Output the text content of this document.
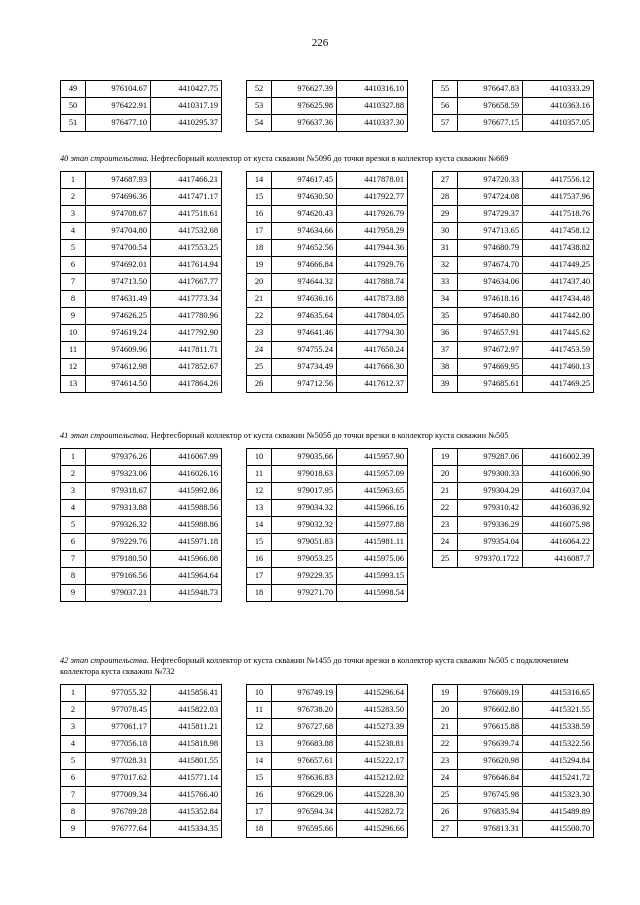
226
49	976104.67	4410427.75
50	976422.91	4410317.19
51	976477.10	4410295.37
52	976627.39	4410316.10
53	976625.98	4410327.88
54	976637.36	4410337.30
55	976647.83	4410333.29
56	976658.59	4410363.16
57	976677.15	4410357.05

40 этап строительства. Нефтесборный коллектор от куста скважин №509б до точки врезки в коллектор куста скважин №669

1	974687.93	4417466.21
2	974696.36	4417471.17
3	974708.67	4417518.61
4	974704.80	4417532.68
5	974700.54	4417553.25
6	974692.01	4417614.94
7	974713.50	4417667.77
8	974631.49	4417773.34
9	974626.25	4417780.96
10	974619.24	4417792.90
11	974609.96	4417811.71
12	974612.98	4417852.67
13	974614.50	4417864.26
14	974617.45	4417878.01
15	974630.50	4417922.77
16	974620.43	4417926.79
17	974634.66	4417958.29
18	974652.56	4417944.36
19	974666.84	4417929.76
20	974644.32	4417888.74
21	974636.16	4417873.88
22	974635.64	4417804.05
23	974641.46	4417794.30
24	974755.24	4417650.24
25	974734.49	4417666.30
26	974712.56	4417612.37
27	974720.33	4417556.12
28	974724.08	4417537.96
29	974729.37	4417518.76
30	974713.65	4417458.12
31	974680.79	4417438.82
32	974674.70	4417449.25
33	974634.06	4417437.40
34	974618.16	4417434.48
35	974640.80	4417442.00
36	974657.91	4417445.62
37	974672.97	4417453.59
38	974669.95	4417460.13
39	974685.61	4417469.25

41 этап строительства. Нефтесборный коллектор от куста скважин №505б до точки врезки в коллектор куста скважин №505

1	979376.26	4416067.99
2	979323.06	4416026.16
3	979318.67	4415992.86
4	979313.88	4415988.56
5	979326.32	4415988.86
6	979229.76	4415971.18
7	979180.50	4415966.08
8	979166.56	4415964.64
9	979037.21	4415948.73
10	979035.66	4415957.90
11	979018.63	4415957.09
12	979017.95	4415963.65
13	979034.32	4415966.16
14	979032.32	4415977.88
15	979051.83	4415981.11
16	979053.25	4415975.06
17	979229.35	4415993.15
18	979271.70	4415998.54
19	979287.06	4416002.39
20	979300.33	4416006.90
21	979304.29	4416037.04
22	979310.42	4416036.92
23	979336.29	4416075.98
24	979354.04	4416064.22
25	979370.1722	4416087.7

42 этап строительства. Нефтесборный коллектор от куста скважин №1455 до точки врезки в коллектор куста скважин №505 с подключением коллектора куста скважин №732

1	977055.32	4415856.41
2	977078.45	4415822.03
3	977061.17	4415811.21
4	977056.18	4415818.98
5	977028.31	4415801.55
6	977017.62	4415771.14
7	977009.34	4415766.40
8	976789.28	4415352.84
9	976777.64	4415334.35
10	976749.19	4415296.64
11	976738.20	4415283.50
12	976727.68	4415273.39
13	976683.88	4415238.81
14	976657.61	4415222.17
15	976636.83	4415212.02
16	976629.06	4415228.30
17	976594.34	4415282.72
18	976595.66	4415296.66
19	976609.19	4415316.65
20	976602.80	4415321.55
21	976615.88	4415338.59
22	976639.74	4415322.56
23	976620.98	4415294.84
24	976646.84	4415241.72
25	976745.98	4415323.30
26	976835.94	4415489.89
27	976813.31	4415500.70
